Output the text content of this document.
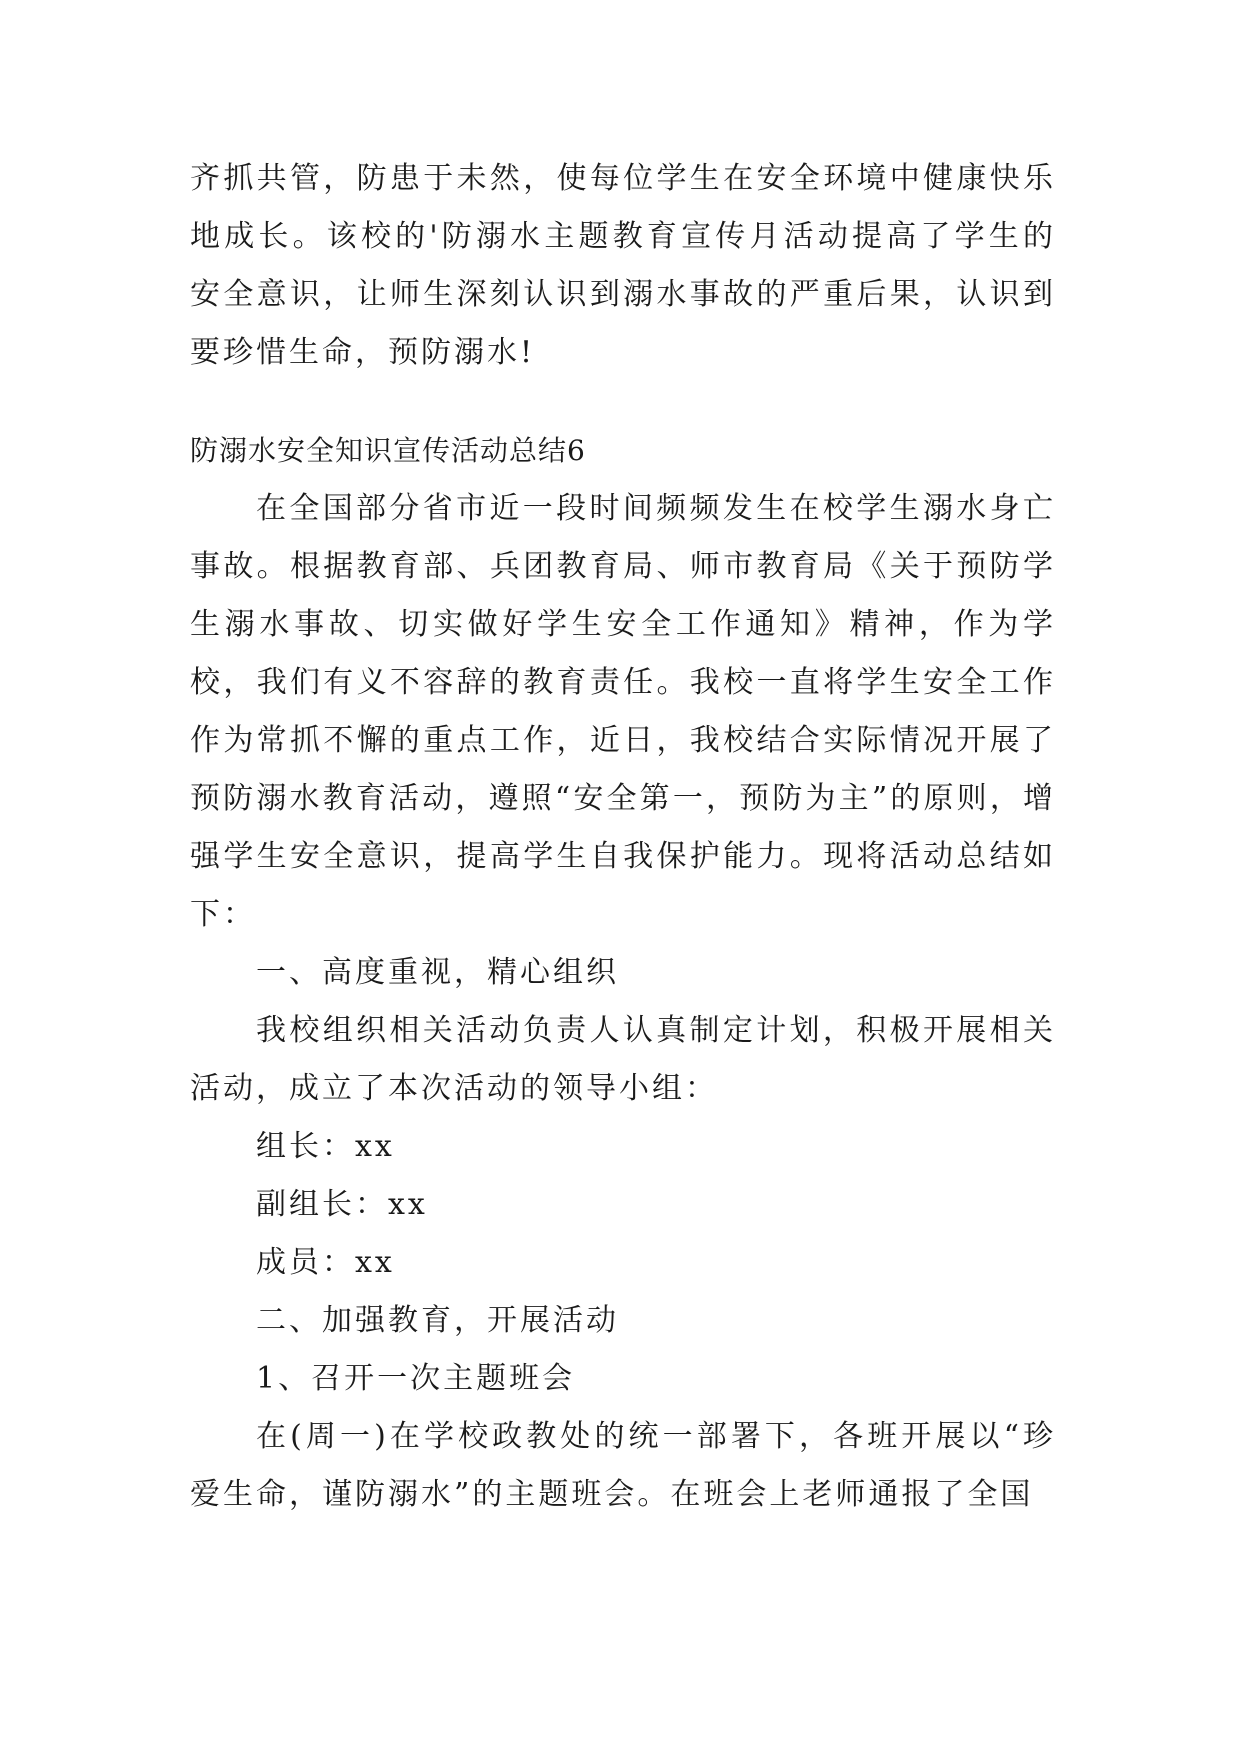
齐抓共管，防患于未然，使每位学生在安全环境中健康快乐地成长。该校的'防溺水主题教育宣传月活动提高了学生的安全意识，让师生深刻认识到溺水事故的严重后果，认识到要珍惜生命，预防溺水!

防溺水安全知识宣传活动总结6

在全国部分省市近一段时间频频发生在校学生溺水身亡事故。根据教育部、兵团教育局、师市教育局《关于预防学生溺水事故、切实做好学生安全工作通知》精神，作为学校，我们有义不容辞的教育责任。我校一直将学生安全工作作为常抓不懈的重点工作，近日，我校结合实际情况开展了预防溺水教育活动，遵照“安全第一，预防为主”的原则，增强学生安全意识，提高学生自我保护能力。现将活动总结如下：

一、高度重视，精心组织

我校组织相关活动负责人认真制定计划，积极开展相关活动，成立了本次活动的领导小组：

组长：xx

副组长：xx

成员：xx

二、加强教育，开展活动

1、召开一次主题班会

在(周一)在学校政教处的统一部署下，各班开展以“珍爱生命，谨防溺水”的主题班会。在班会上老师通报了全国
